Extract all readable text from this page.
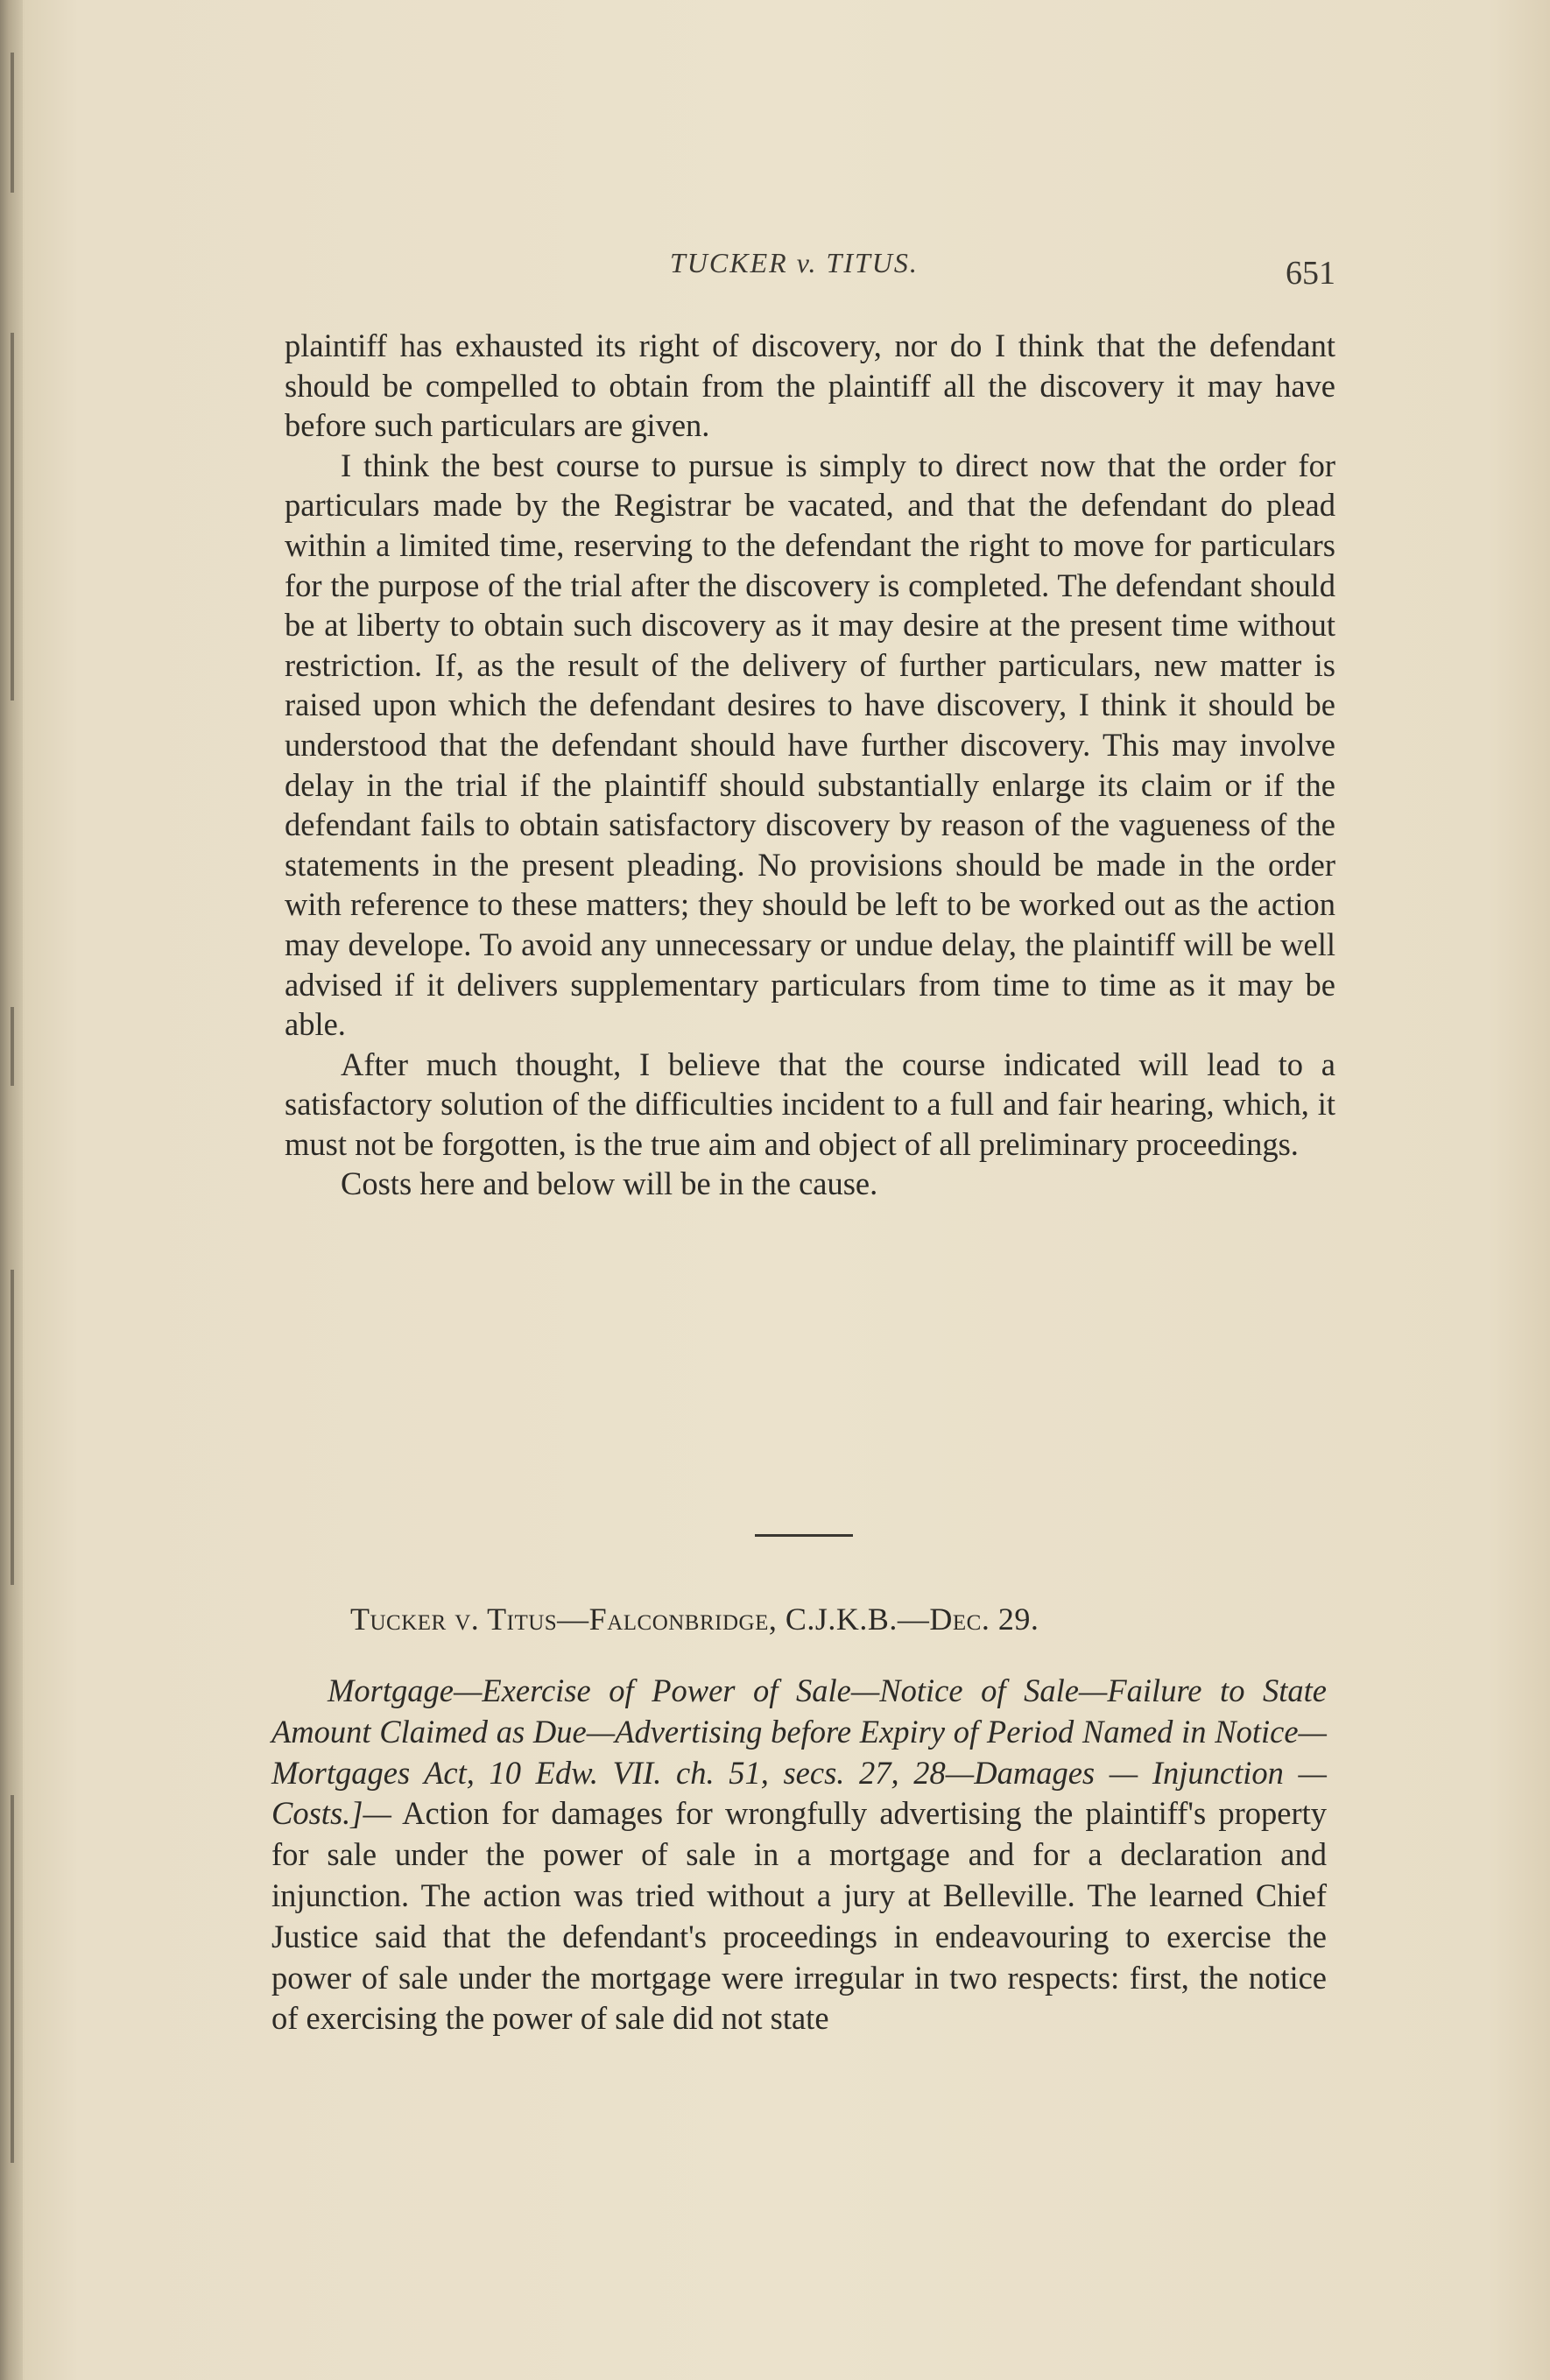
TUCKER v. TITUS.	651

plaintiff has exhausted its right of discovery, nor do I think that the defendant should be compelled to obtain from the plaintiff all the discovery it may have before such particulars are given.

I think the best course to pursue is simply to direct now that the order for particulars made by the Registrar be vacated, and that the defendant do plead within a limited time, reserving to the defendant the right to move for particulars for the purpose of the trial after the discovery is completed. The defendant should be at liberty to obtain such discovery as it may desire at the present time without restriction. If, as the result of the delivery of further particulars, new matter is raised upon which the defendant desires to have discovery, I think it should be understood that the defendant should have further discovery. This may involve delay in the trial if the plaintiff should substantially enlarge its claim or if the defendant fails to obtain satisfactory discovery by reason of the vagueness of the statements in the present pleading. No provisions should be made in the order with reference to these matters; they should be left to be worked out as the action may develope. To avoid any unnecessary or undue delay, the plaintiff will be well advised if it delivers supplementary particulars from time to time as it may be able.

After much thought, I believe that the course indicated will lead to a satisfactory solution of the difficulties incident to a full and fair hearing, which, it must not be forgotten, is the true aim and object of all preliminary proceedings.

Costs here and below will be in the cause.

Tucker v. Titus—Falconbridge, C.J.K.B.—Dec. 29.

Mortgage—Exercise of Power of Sale—Notice of Sale—Failure to State Amount Claimed as Due—Advertising before Expiry of Period Named in Notice—Mortgages Act, 10 Edw. VII. ch. 51, secs. 27, 28—Damages — Injunction — Costs.]— Action for damages for wrongfully advertising the plaintiff's property for sale under the power of sale in a mortgage and for a declaration and injunction. The action was tried without a jury at Belleville. The learned Chief Justice said that the defendant's proceedings in endeavouring to exercise the power of sale under the mortgage were irregular in two respects: first, the notice of exercising the power of sale did not state
